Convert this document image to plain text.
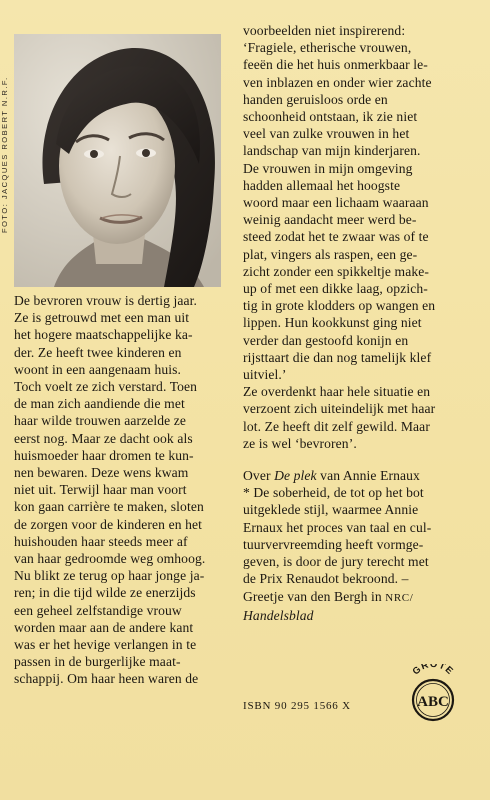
FOTO: JACQUES ROBERT N.R.F.
De bevroren vrouw is dertig jaar.
Ze is getrouwd met een man uit
het hogere maatschappelijke ka-
der. Ze heeft twee kinderen en
woont in een aangenaam huis.
Toch voelt ze zich verstard. Toen
de man zich aandiende die met
haar wilde trouwen aarzelde ze
eerst nog. Maar ze dacht ook als
huismoeder haar dromen te kun-
nen bewaren. Deze wens kwam
niet uit. Terwijl haar man voort
kon gaan carrière te maken, sloten
de zorgen voor de kinderen en het
huishouden haar steeds meer af
van haar gedroomde weg omhoog.
Nu blikt ze terug op haar jonge ja-
ren; in die tijd wilde ze enerzijds
een geheel zelfstandige vrouw
worden maar aan de andere kant
was er het hevige verlangen in te
passen in de burgerlijke maat-
schappij. Om haar heen waren de
voorbeelden niet inspirerend:
‘Fragiele, etherische vrouwen,
feeën die het huis onmerkbaar le-
ven inblazen en onder wier zachte
handen geruisloos orde en
schoonheid ontstaan, ik zie niet
veel van zulke vrouwen in het
landschap van mijn kinderjaren.
De vrouwen in mijn omgeving
hadden allemaal het hoogste
woord maar een lichaam waaraan
weinig aandacht meer werd be-
steed zodat het te zwaar was of te
plat, vingers als raspen, een ge-
zicht zonder een spikkeltje make-
up of met een dikke laag, opzich-
tig in grote klodders op wangen en
lippen. Hun kookkunst ging niet
verder dan gestoofd konijn en
rijsttaart die dan nog tamelijk klef
uitviel.’
Ze overdenkt haar hele situatie en
verzoent zich uiteindelijk met haar
lot. Ze heeft dit zelf gewild. Maar
ze is wel ‘bevroren’.
Over De plek van Annie Ernaux
* De soberheid, de tot op het bot
uitgeklede stijl, waarmee Annie
Ernaux het proces van taal en cul-
tuurvervreemding heeft vormge-
geven, is door de jury terecht met
de Prix Renaudot bekroond. –
Greetje van den Bergh in NRC/
Handelsblad
ISBN 90 295 1566 X
GROTE
ABC
